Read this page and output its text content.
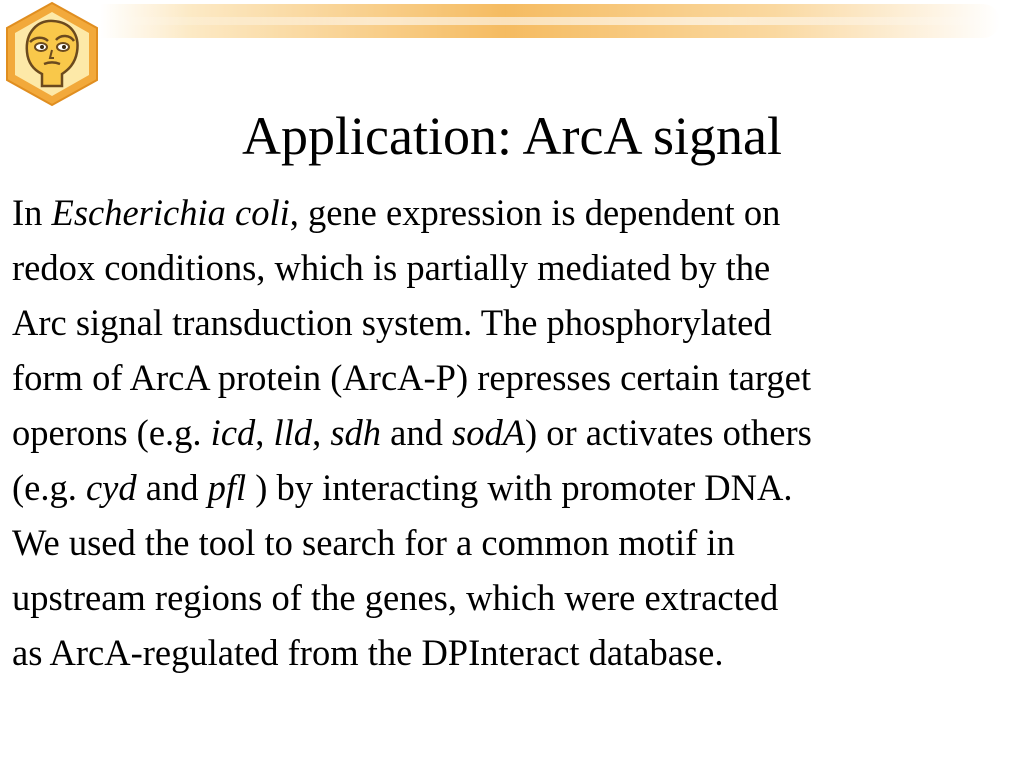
Application: ArcA signal
In Escherichia coli, gene expression is dependent on
redox conditions, which is partially mediated by the
Arc signal transduction system. The phosphorylated
form of ArcA protein (ArcA-P) represses certain target
operons (e.g. icd, lld, sdh and sodA) or activates others
(e.g. cyd and pfl ) by interacting with promoter DNA.
We used the tool to search for a common motif in
upstream regions of the genes, which were extracted
as ArcA-regulated from the DPInteract database.
